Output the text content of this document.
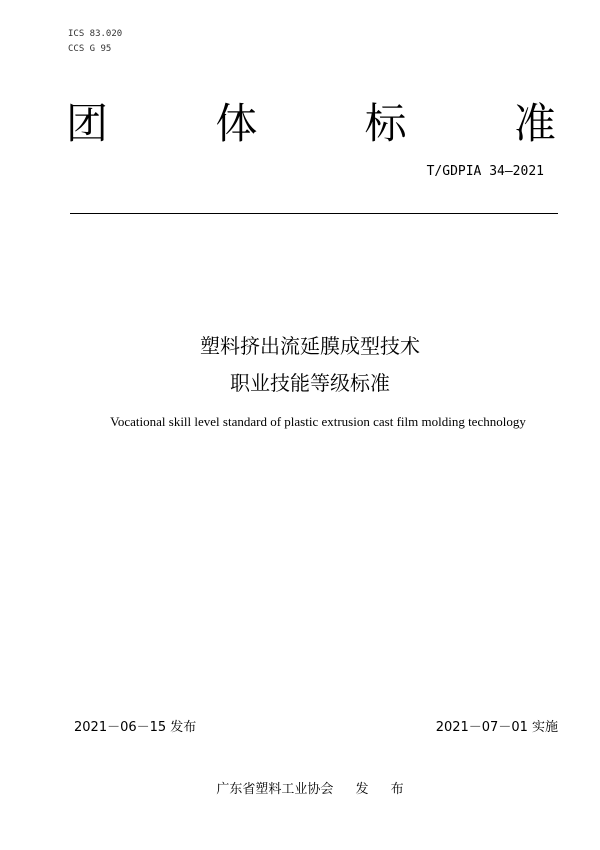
ICS 83.020
CCS G 95
团	体	标	准
T/GDPIA 34—2021
塑料挤出流延膜成型技术
职业技能等级标准
Vocational skill level standard of plastic extrusion cast film molding technology
2021－06－15 发布	2021－07－01 实施
广东省塑料工业协会 发 布
